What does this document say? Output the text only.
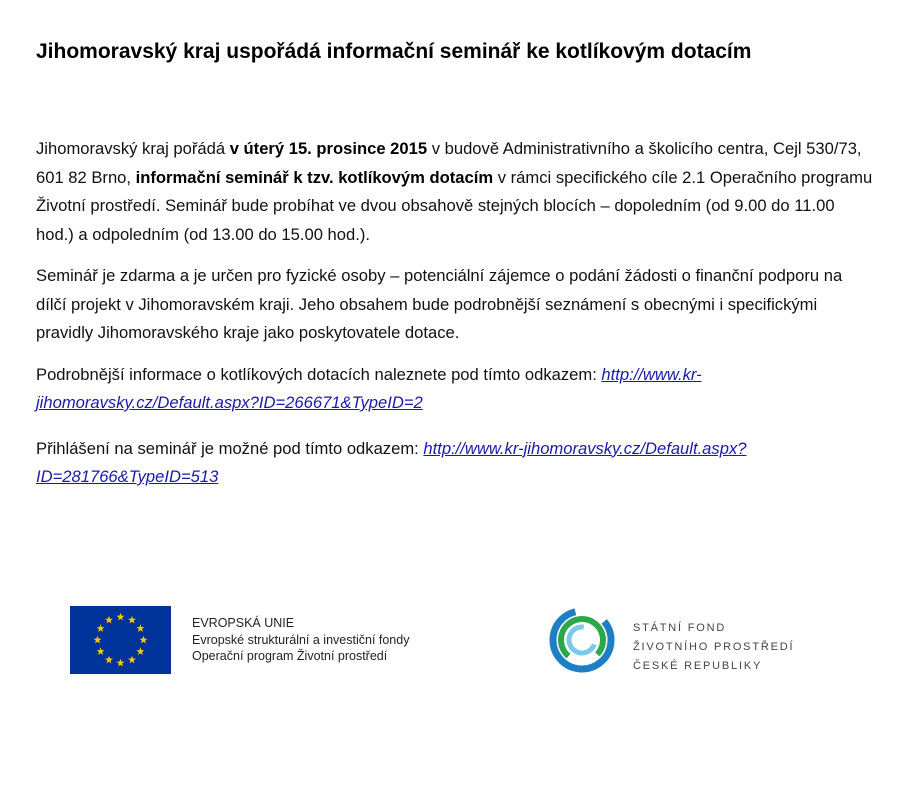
Jihomoravský kraj uspořádá informační seminář ke kotlíkovým dotacím

Jihomoravský kraj pořádá v úterý 15. prosince 2015 v budově Administrativního a školicího centra, Cejl 530/73, 601 82 Brno, informační seminář k tzv. kotlíkovým dotacím v rámci specifického cíle 2.1 Operačního programu Životní prostředí. Seminář bude probíhat ve dvou obsahově stejných blocích – dopoledním (od 9.00 do 11.00 hod.) a odpoledním (od 13.00 do 15.00 hod.).

Seminář je zdarma a je určen pro fyzické osoby – potenciální zájemce o podání žádosti o finanční podporu na dílčí projekt v Jihomoravském kraji. Jeho obsahem bude podrobnější seznámení s obecnými i specifickými pravidly Jihomoravského kraje jako poskytovatele dotace.

Podrobnější informace o kotlíkových dotacích naleznete pod tímto odkazem: http://www.kr-jihomoravsky.cz/Default.aspx?ID=266671&TypeID=2

Přihlášení na seminář je možné pod tímto odkazem: http://www.kr-jihomoravsky.cz/Default.aspx?ID=281766&TypeID=513

EVROPSKÁ UNIE
Evropské strukturální a investiční fondy
Operační program Životní prostředí
STÁTNÍ FOND
ŽIVOTNÍHO PROSTŘEDÍ
ČESKÉ REPUBLIKY
